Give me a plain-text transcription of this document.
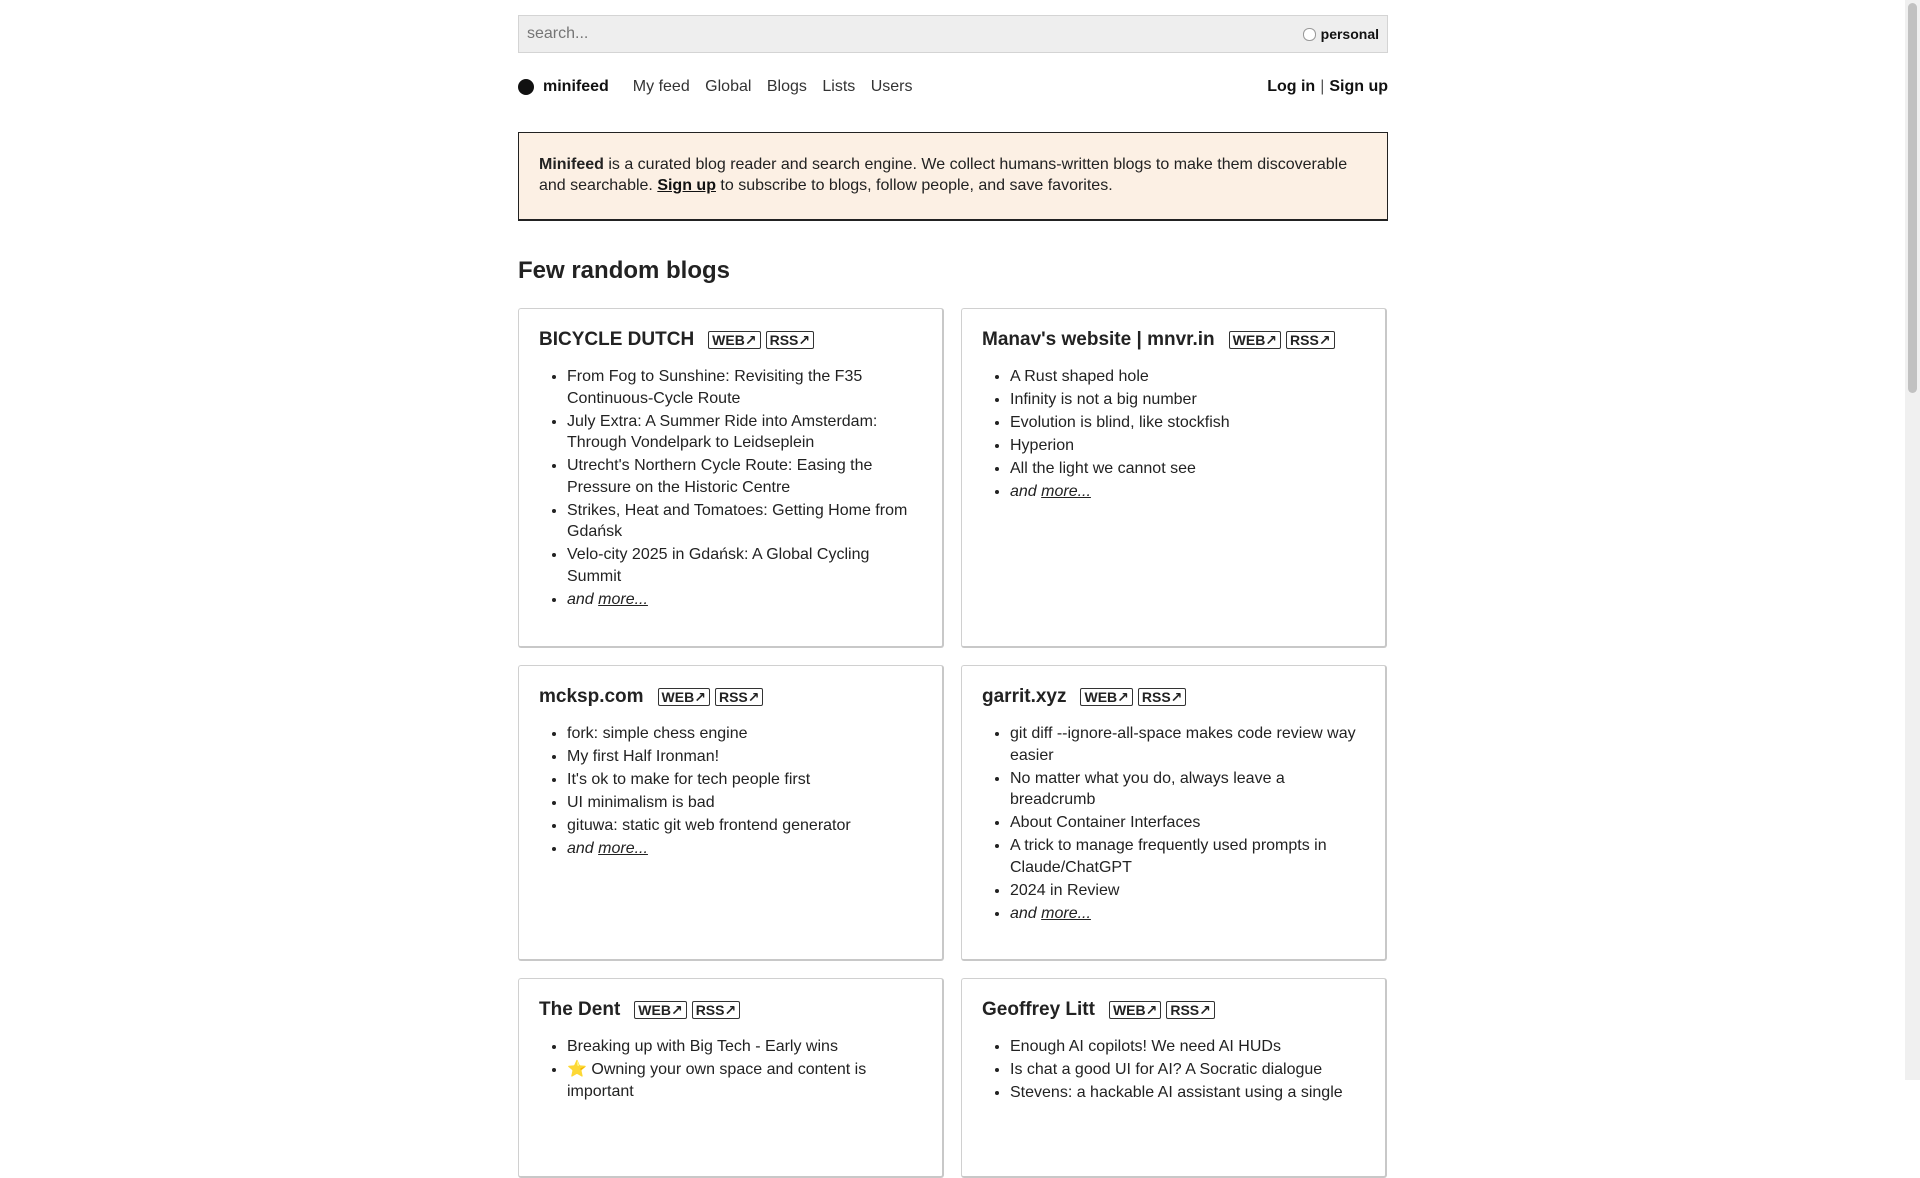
search...
personal
minifeed My feed Global Blogs Lists Users	Log in | Sign up
Minifeed is a curated blog reader and search engine. We collect humans-written blogs to make them discoverable and searchable. Sign up to subscribe to blogs, follow people, and save favorites.
Few random blogs
BICYCLE DUTCH WEB↗ RSS↗
• From Fog to Sunshine: Revisiting the F35 Continuous-Cycle Route
• July Extra: A Summer Ride into Amsterdam: Through Vondelpark to Leidseplein
• Utrecht's Northern Cycle Route: Easing the Pressure on the Historic Centre
• Strikes, Heat and Tomatoes: Getting Home from Gdańsk
• Velo-city 2025 in Gdańsk: A Global Cycling Summit
• and more...
Manav's website | mnvr.in WEB↗ RSS↗
• A Rust shaped hole
• Infinity is not a big number
• Evolution is blind, like stockfish
• Hyperion
• All the light we cannot see
• and more...
mcksp.com WEB↗ RSS↗
• fork: simple chess engine
• My first Half Ironman!
• It's ok to make for tech people first
• UI minimalism is bad
• gituwa: static git web frontend generator
• and more...
garrit.xyz WEB↗ RSS↗
• git diff --ignore-all-space makes code review way easier
• No matter what you do, always leave a breadcrumb
• About Container Interfaces
• A trick to manage frequently used prompts in Claude/ChatGPT
• 2024 in Review
• and more...
The Dent WEB↗ RSS↗
• Breaking up with Big Tech - Early wins
• ⭐ Owning your own space and content is important
Geoffrey Litt WEB↗ RSS↗
• Enough AI copilots! We need AI HUDs
• Is chat a good UI for AI? A Socratic dialogue
• Stevens: a hackable AI assistant using a single
